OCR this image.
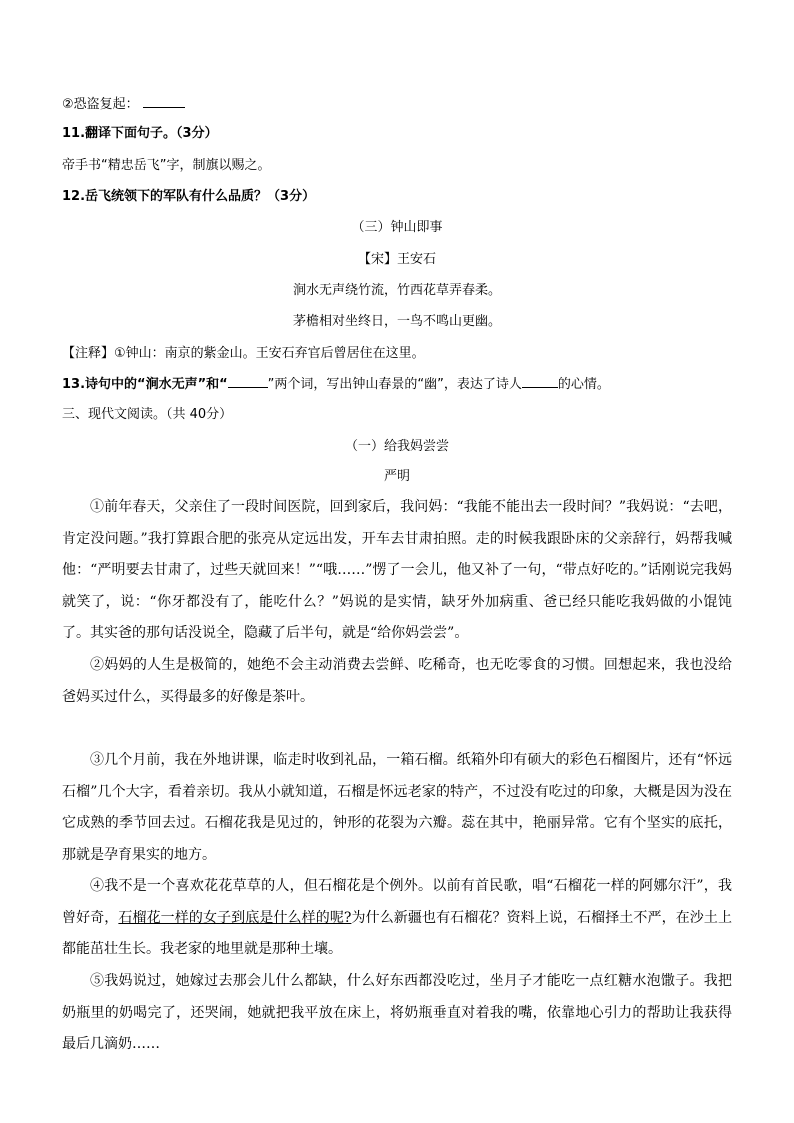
②恐盗复起：
11.翻译下面句子。（3分）
帝手书“精忠岳飞”字，制旗以赐之。
12.岳飞统领下的军队有什么品质？（3分）
（三）钟山即事
【宋】王安石
涧水无声绕竹流，竹西花草弄春柔。
茅檐相对坐终日，一鸟不鸣山更幽。
【注释】①钟山：南京的紫金山。王安石弃官后曾居住在这里。
13.诗句中的“涧水无声”和“	”两个词，写出钟山春景的“幽”，表达了诗人	的心情。
三、现代文阅读。（共 40分）
（一）给我妈尝尝
严明
①前年春天，父亲住了一段时间医院，回到家后，我问妈：“我能不能出去一段时间？”我妈说：“去吧，肯定没问题。”我打算跟合肥的张亮从定远出发，开车去甘肃拍照。走的时候我跟卧床的父亲辞行，妈帮我喊他：“严明要去甘肃了，过些天就回来！”“哦……”愣了一会儿，他又补了一句，“带点好吃的。”话刚说完我妈就笑了，说：“你牙都没有了，能吃什么？”妈说的是实情，缺牙外加病重、爸已经只能吃我妈做的小馄饨了。其实爸的那句话没说全，隐藏了后半句，就是“给你妈尝尝”。
②妈妈的人生是极简的，她绝不会主动消费去尝鲜、吃稀奇，也无吃零食的习惯。回想起来，我也没给爸妈买过什么，买得最多的好像是茶叶。
③几个月前，我在外地讲课，临走时收到礼品，一箱石榴。纸箱外印有硕大的彩色石榴图片，还有“怀远石榴”几个大字，看着亲切。我从小就知道，石榴是怀远老家的特产，不过没有吃过的印象，大概是因为没在它成熟的季节回去过。石榴花我是见过的，钟形的花裂为六瓣。蕊在其中，艳丽异常。它有个坚实的底托，那就是孕育果实的地方。
④我不是一个喜欢花花草草的人，但石榴花是个例外。以前有首民歌，唱“石榴花一样的阿娜尔汗”，我曾好奇，石榴花一样的女子到底是什么样的呢?为什么新疆也有石榴花？资料上说，石榴择土不严，在沙土上都能茁壮生长。我老家的地里就是那种土壤。
⑤我妈说过，她嫁过去那会儿什么都缺，什么好东西都没吃过，坐月子才能吃一点红糖水泡馓子。我把奶瓶里的奶喝完了，还哭闹，她就把我平放在床上，将奶瓶垂直对着我的嘴，依靠地心引力的帮助让我获得最后几滴奶……
